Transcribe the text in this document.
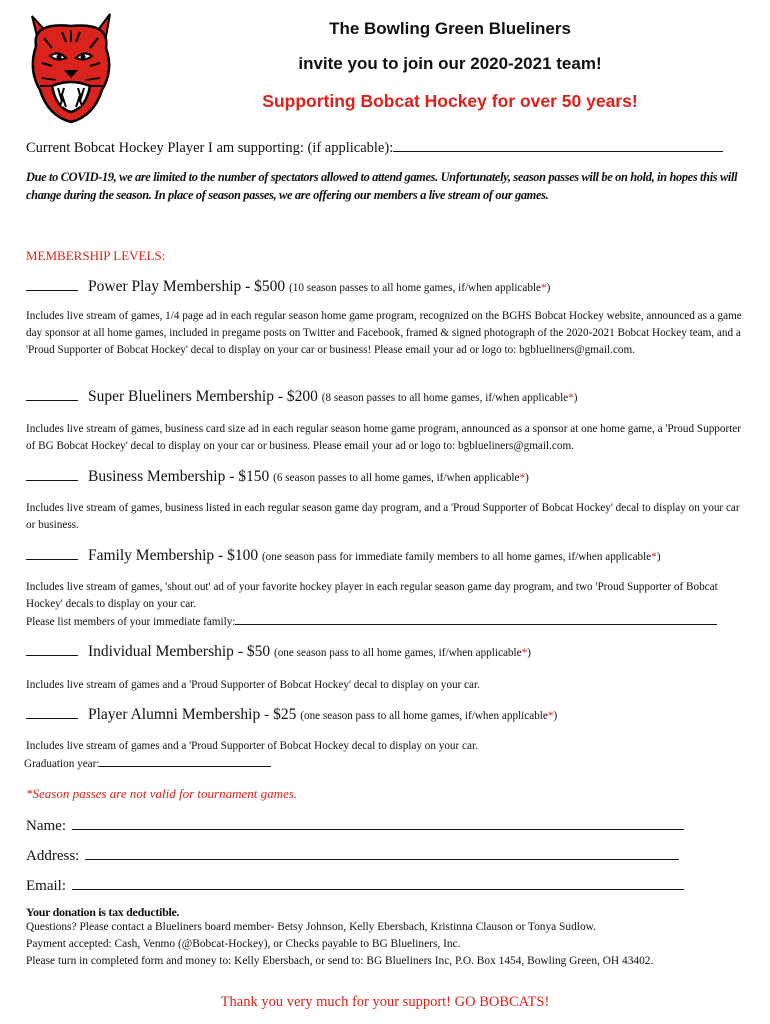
The Bowling Green Blueliners

invite you to join our 2020-2021 team!

Supporting Bobcat Hockey for over 50 years!

Current Bobcat Hockey Player I am supporting: (if applicable):

Due to COVID-19, we are limited to the number of spectators allowed to attend games. Unfortunately, season passes will be on hold, in hopes this will change during the season. In place of season passes, we are offering our members a live stream of our games.

MEMBERSHIP LEVELS:

Power Play Membership - $500 (10 season passes to all home games, if/when applicable*)

Includes live stream of games, 1/4 page ad in each regular season home game program, recognized on the BGHS Bobcat Hockey website, announced as a game day sponsor at all home games, included in pregame posts on Twitter and Facebook, framed & signed photograph of the 2020-2021 Bobcat Hockey team, and a 'Proud Supporter of Bobcat Hockey' decal to display on your car or business! Please email your ad or logo to: bgblueliners@gmail.com.

Super Blueliners Membership - $200 (8 season passes to all home games, if/when applicable*)

Includes live stream of games, business card size ad in each regular season home game program, announced as a sponsor at one home game, a 'Proud Supporter of BG Bobcat Hockey' decal to display on your car or business. Please email your ad or logo to: bgblueliners@gmail.com.

Business Membership - $150 (6 season passes to all home games, if/when applicable*)

Includes live stream of games, business listed in each regular season game day program, and a 'Proud Supporter of Bobcat Hockey' decal to display on your car or business.

Family Membership - $100 (one season pass for immediate family members to all home games, if/when applicable*)

Includes live stream of games, 'shout out' ad of your favorite hockey player in each regular season game day program, and two 'Proud Supporter of Bobcat Hockey' decals to display on your car.

Please list members of your immediate family:

Individual Membership - $50 (one season pass to all home games, if/when applicable*)

Includes live stream of games and a 'Proud Supporter of Bobcat Hockey' decal to display on your car.

Player Alumni Membership - $25 (one season pass to all home games, if/when applicable*)

Includes live stream of games and a 'Proud Supporter of Bobcat Hockey decal to display on your car.

Graduation year:

*Season passes are not valid for tournament games.

Name:

Address:

Email:

Your donation is tax deductible.

Questions? Please contact a Blueliners board member- Betsy Johnson, Kelly Ebersbach, Kristinna Clauson or Tonya Sudlow.

Payment accepted: Cash, Venmo (@Bobcat-Hockey), or Checks payable to BG Blueliners, Inc.

Please turn in completed form and money to: Kelly Ebersbach, or send to: BG Blueliners Inc, P.O. Box 1454, Bowling Green, OH 43402.

Thank you very much for your support! GO BOBCATS!
